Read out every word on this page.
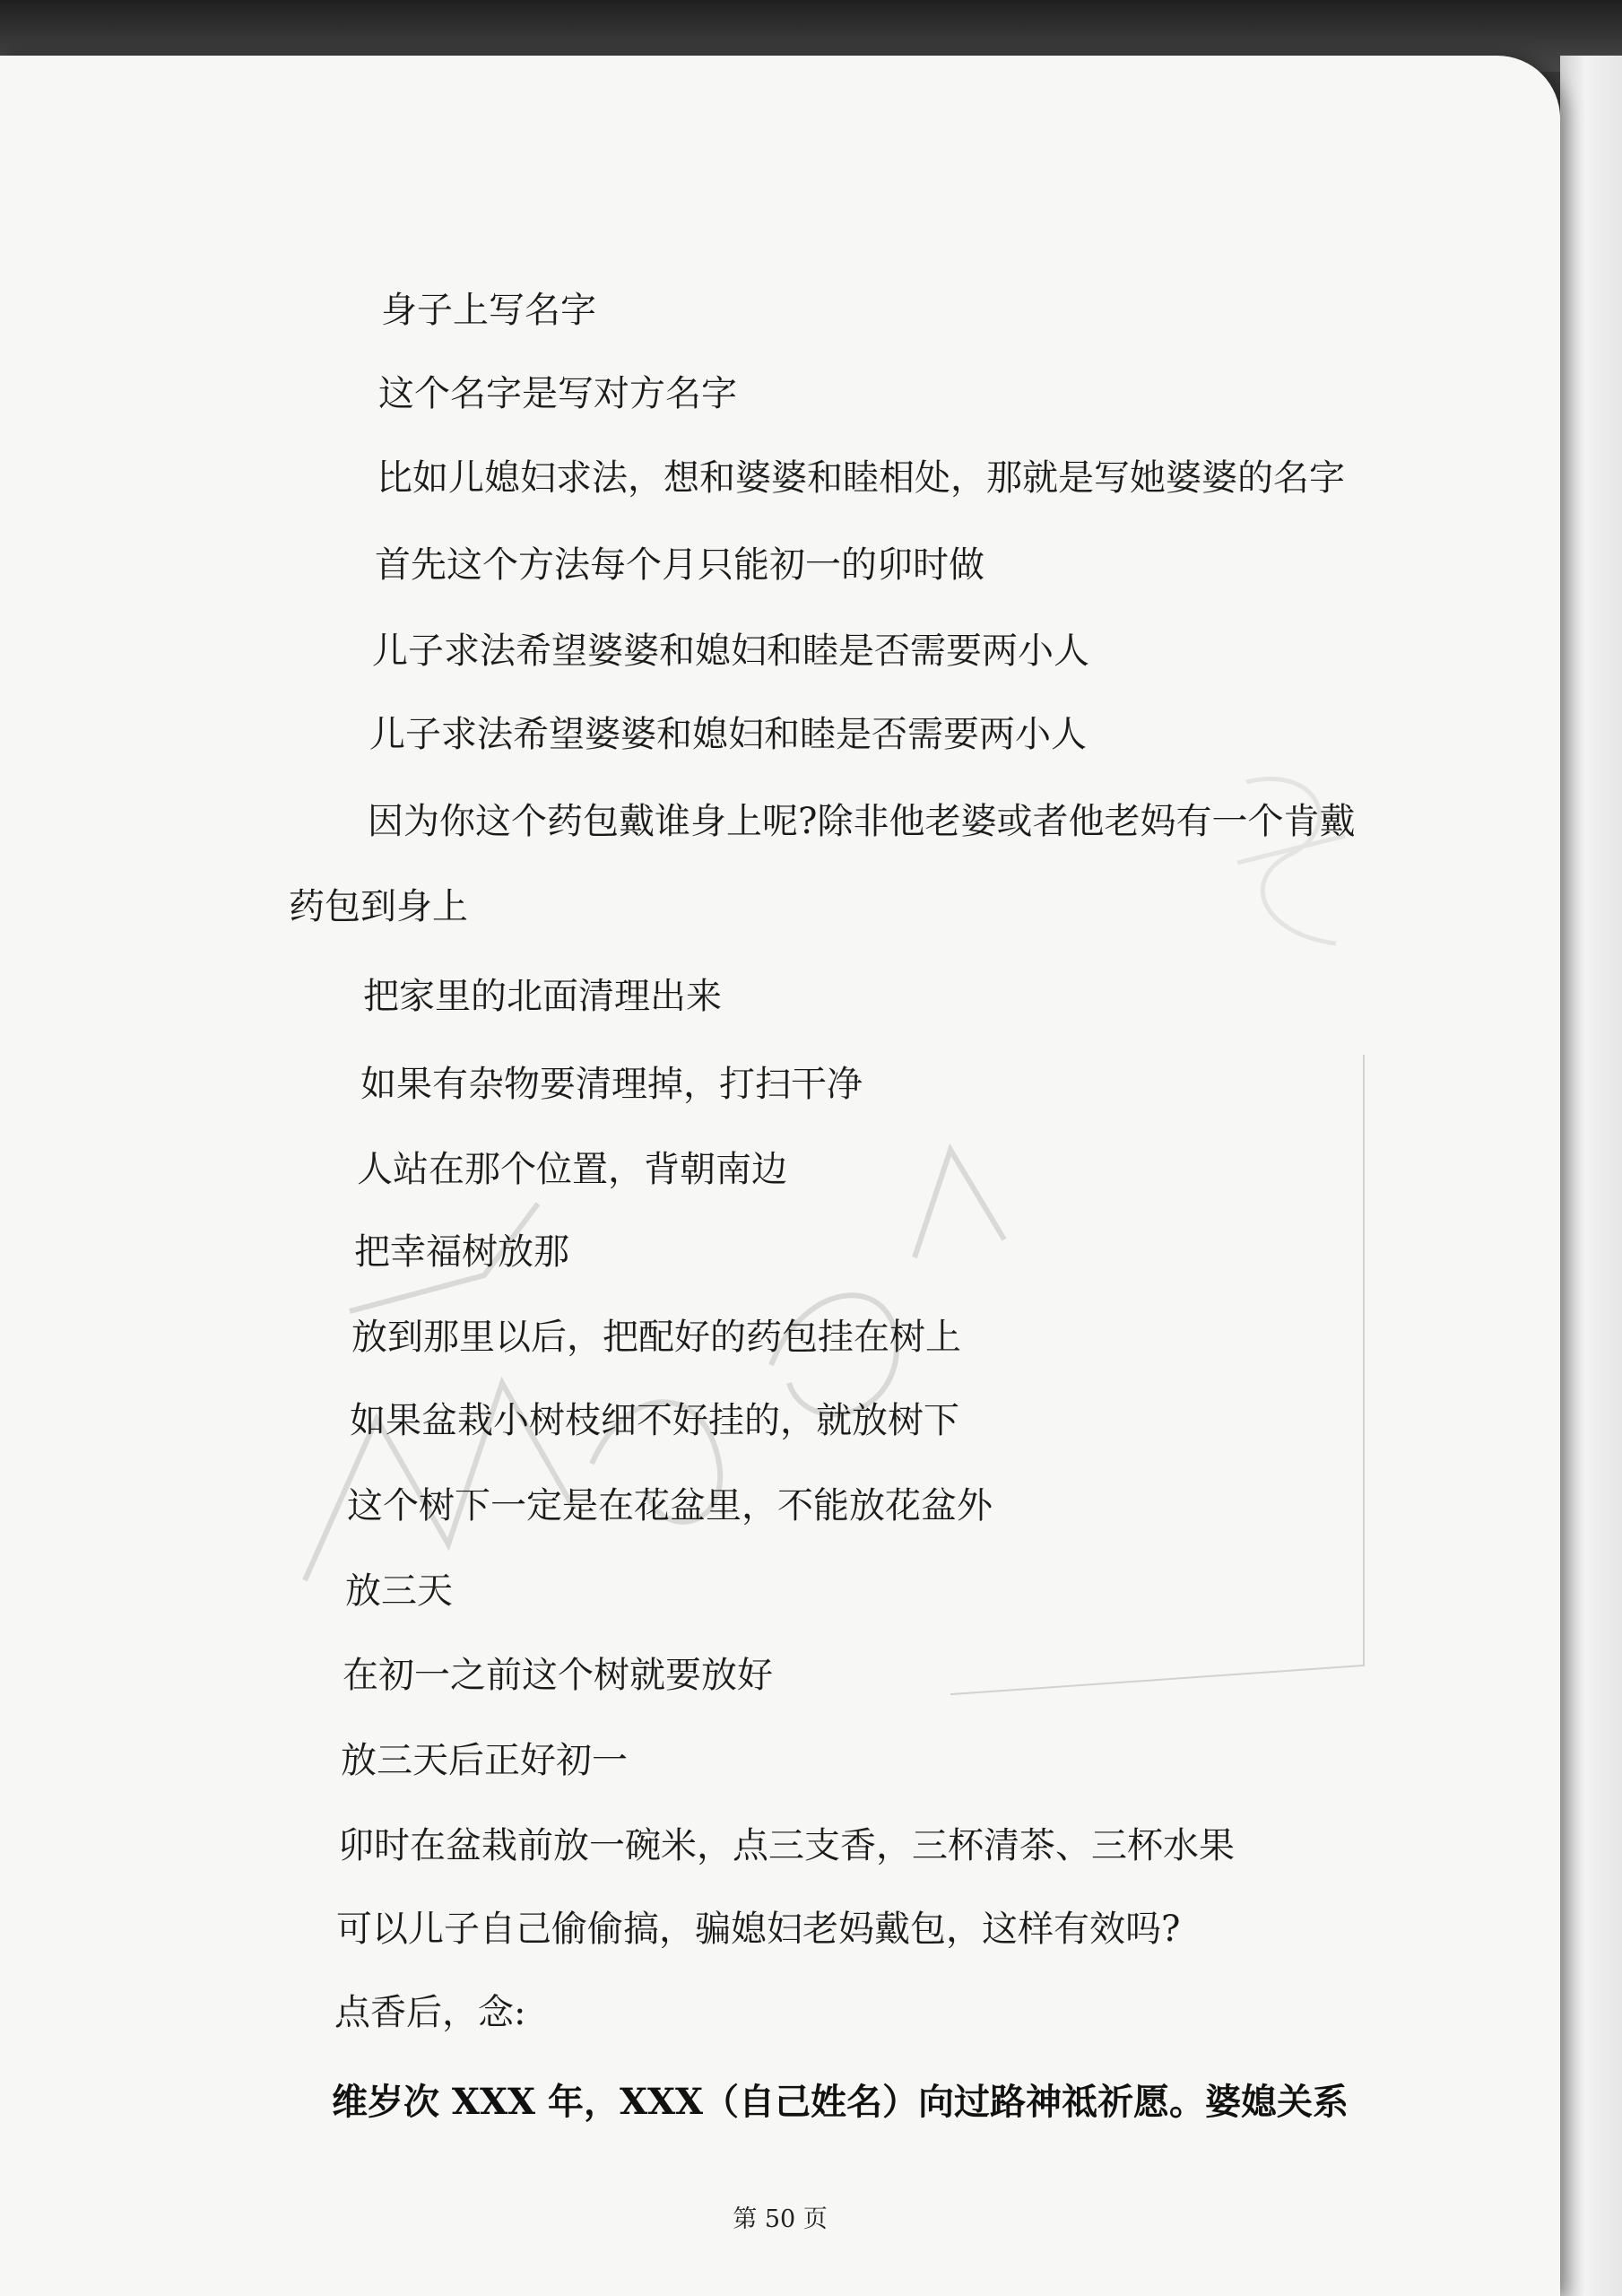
身子上写名字

这个名字是写对方名字

比如儿媳妇求法，想和婆婆和睦相处，那就是写她婆婆的名字

首先这个方法每个月只能初一的卯时做

儿子求法希望婆婆和媳妇和睦是否需要两小人

儿子求法希望婆婆和媳妇和睦是否需要两小人

因为你这个药包戴谁身上呢?除非他老婆或者他老妈有一个肯戴

药包到身上

把家里的北面清理出来

如果有杂物要清理掉，打扫干净

人站在那个位置，背朝南边

把幸福树放那

放到那里以后，把配好的药包挂在树上

如果盆栽小树枝细不好挂的，就放树下

这个树下一定是在花盆里，不能放花盆外

放三天

在初一之前这个树就要放好

放三天后正好初一

卯时在盆栽前放一碗米，点三支香，三杯清茶、三杯水果

可以儿子自己偷偷搞，骗媳妇老妈戴包，这样有效吗?

点香后，念:

维岁次 XXX 年，XXX（自己姓名）向过路神祗祈愿。婆媳关系

第 50 页
